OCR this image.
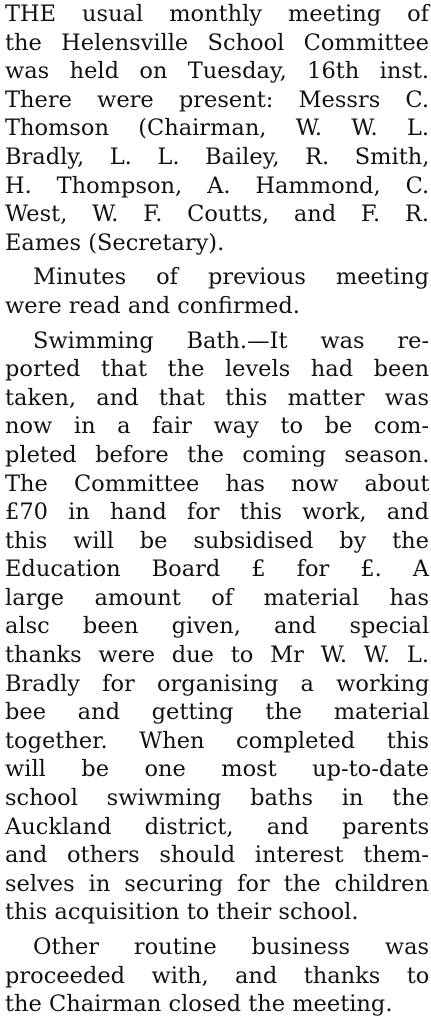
THE usual monthly meeting of
the Helensville School Committee
was held on Tuesday, 16th inst.
There were present: Messrs C.
Thomson (Chairman, W. W. L.
Bradly, L. L. Bailey, R. Smith,
H. Thompson, A. Hammond, C.
West, W. F. Coutts, and F. R.
Eames (Secretary).

Minutes of previous meeting
were read and confirmed.

Swimming Bath.—It was re-
ported that the levels had been
taken, and that this matter was
now in a fair way to be com-
pleted before the coming season.
The Committee has now about
£70 in hand for this work, and
this will be subsidised by the
Education Board £ for £. A
large amount of material has
alsc been given, and special
thanks were due to Mr W. W. L.
Bradly for organising a working
bee and getting the material
together. When completed this
will be one most up-to-date
school swiwming baths in the
Auckland district, and parents
and others should interest them-
selves in securing for the children
this acquisition to their school.

Other routine business was
proceeded with, and thanks to
the Chairman closed the meeting.
